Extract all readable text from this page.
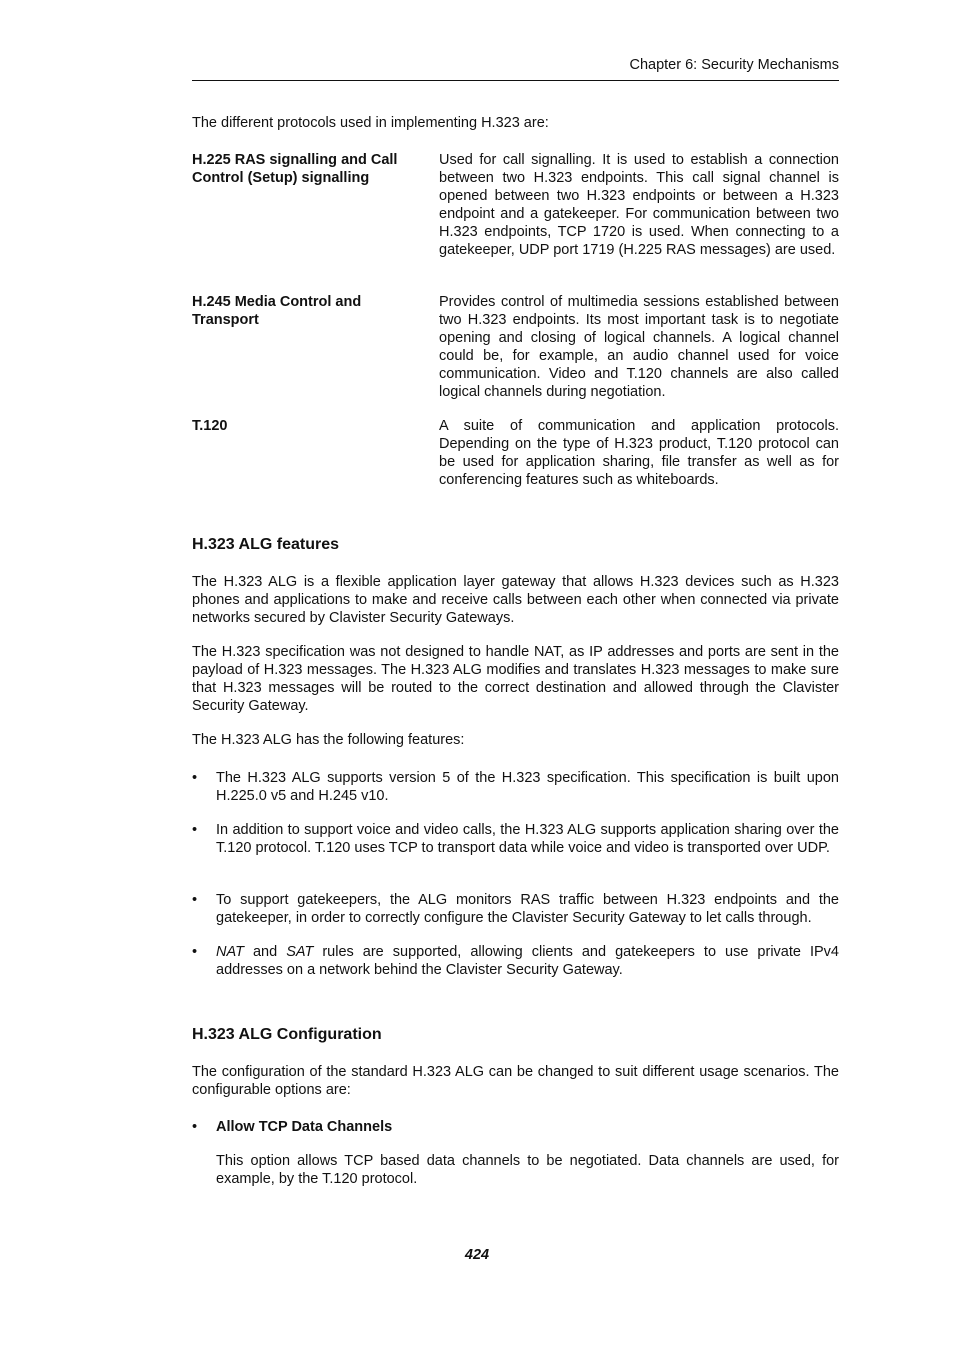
Chapter 6: Security Mechanisms

The different protocols used in implementing H.323 are:

H.225 RAS signalling and Call Control (Setup) signalling
Used for call signalling. It is used to establish a connection between two H.323 endpoints. This call signal channel is opened between two H.323 endpoints or between a H.323 endpoint and a gatekeeper. For communication between two H.323 endpoints, TCP 1720 is used. When connecting to a gatekeeper, UDP port 1719 (H.225 RAS messages) are used.
H.245 Media Control and Transport
Provides control of multimedia sessions established between two H.323 endpoints. Its most important task is to negotiate opening and closing of logical channels. A logical channel could be, for example, an audio channel used for voice communication. Video and T.120 channels are also called logical channels during negotiation.
T.120	A suite of communication and application protocols. Depending on the type of H.323 product, T.120 protocol can be used for application sharing, file transfer as well as for conferencing features such as whiteboards.
H.323 ALG features

The H.323 ALG is a flexible application layer gateway that allows H.323 devices such as H.323 phones and applications to make and receive calls between each other when connected via private networks secured by Clavister Security Gateways.

The H.323 specification was not designed to handle NAT, as IP addresses and ports are sent in the payload of H.323 messages. The H.323 ALG modifies and translates H.323 messages to make sure that H.323 messages will be routed to the correct destination and allowed through the Clavister Security Gateway.

The H.323 ALG has the following features:

• The H.323 ALG supports version 5 of the H.323 specification. This specification is built upon H.225.0 v5 and H.245 v10.
• In addition to support voice and video calls, the H.323 ALG supports application sharing over the T.120 protocol. T.120 uses TCP to transport data while voice and video is transported over UDP.
• To support gatekeepers, the ALG monitors RAS traffic between H.323 endpoints and the gatekeeper, in order to correctly configure the Clavister Security Gateway to let calls through.
• NAT and SAT rules are supported, allowing clients and gatekeepers to use private IPv4 addresses on a network behind the Clavister Security Gateway.
H.323 ALG Configuration

The configuration of the standard H.323 ALG can be changed to suit different usage scenarios. The configurable options are:

• Allow TCP Data Channels
This option allows TCP based data channels to be negotiated. Data channels are used, for example, by the T.120 protocol.
424
